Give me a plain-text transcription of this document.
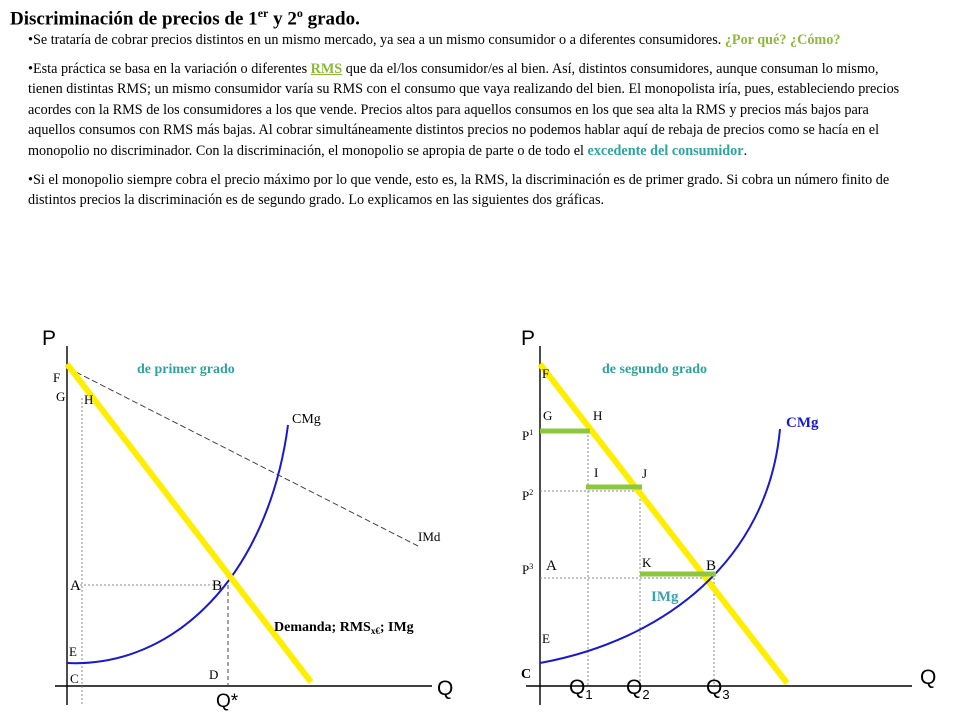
Discriminación de precios de 1er y 2$^o$ grado.

•Se trataría de cobrar precios distintos en un mismo mercado, ya sea a un mismo consumidor o a diferentes consumidores. ¿Por qué? ¿Cómo?

•Esta práctica se basa en la variación o diferentes RMS que da el/los consumidor/es al bien. Así, distintos consumidores, aunque consuman lo mismo, tienen distintas RMS; un mismo consumidor varía su RMS con el consumo que vaya realizando del bien. El monopolista iría, pues, estableciendo precios acordes con la RMS de los consumidores a los que vende. Precios altos para aquellos consumos en los que sea alta la RMS y precios más bajos para aquellos consumos con RMS más bajas. Al cobrar simultáneamente distintos precios no podemos hablar aquí de rebaja de precios como se hacía en el monopolio no discriminador. Con la discriminación, el monopolio se apropia de parte o de todo el excedente del consumidor.

•Si el monopolio siempre cobra el precio máximo por lo que vende, esto es, la RMS, la discriminación es de primer grado. Si cobra un número finito de distintos precios la discriminación es de segundo grado. Lo explicamos en las siguientes dos gráficas.

P
Q
de primer grado
IMd
F
G H
CMg
A	B
Demanda; $RMS_{x€}$; IMg
E
C	D
Q*
P
Q
de segundo grado
F
G	H	CMg
$P^1$
I	J
$P^2$
A	K	B
$P^3$
IMg
E
C
$Q_1$ $Q_2$	$Q_3$
